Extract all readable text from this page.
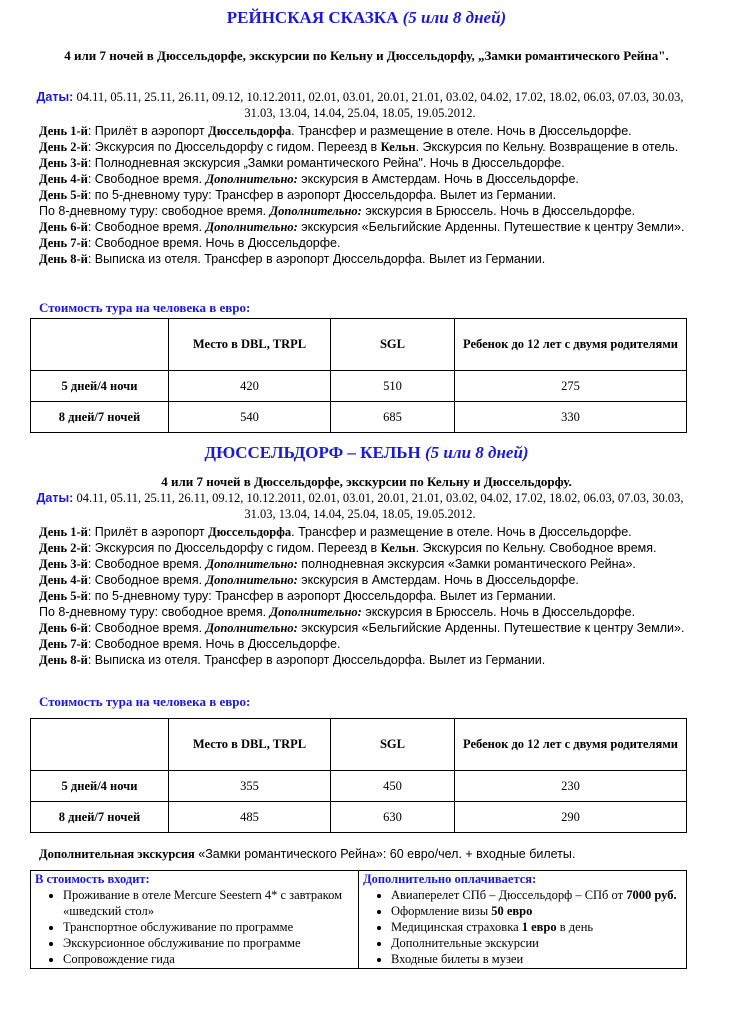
РЕЙНСКАЯ СКАЗКА (5 или 8 дней)
4 или 7 ночей в Дюссельдорфе, экскурсии по Кельну и Дюссельдорфу, „Замки романтического Рейна".
Даты: 04.11, 05.11, 25.11, 26.11, 09.12, 10.12.2011, 02.01, 03.01, 20.01, 21.01, 03.02, 04.02, 17.02, 18.02, 06.03, 07.03, 30.03, 31.03, 13.04, 14.04, 25.04, 18.05, 19.05.2012.
День 1-й: Прилёт в аэропорт Дюссельдорфа. Трансфер и размещение в отеле. Ночь в Дюссельдорфе.
День 2-й: Экскурсия по Дюссельдорфу с гидом. Переезд в Кельн. Экскурсия по Кельну. Возвращение в отель.
День 3-й: Полнодневная экскурсия „Замки романтического Рейна". Ночь в Дюссельдорфе.
День 4-й: Свободное время. Дополнительно: экскурсия в Амстердам. Ночь в Дюссельдорфе.
День 5-й: по 5-дневному туру: Трансфер в аэропорт Дюссельдорфа. Вылет из Германии.
По 8-дневному туру: свободное время. Дополнительно: экскурсия в Брюссель. Ночь в Дюссельдорфе.
День 6-й: Свободное время. Дополнительно: экскурсия «Бельгийские Арденны. Путешествие к центру Земли».
День 7-й: Свободное время. Ночь в Дюссельдорфе.
День 8-й: Выписка из отеля. Трансфер в аэропорт Дюссельдорфа. Вылет из Германии.
Стоимость тура на человека в евро:
	Место в DBL, TRPL	SGL	Ребенок до 12 лет с двумя родителями
5 дней/4 ночи	420	510	275
8 дней/7 ночей	540	685	330
ДЮССЕЛЬДОРФ – КЕЛЬН (5 или 8 дней)
4 или 7 ночей в Дюссельдорфе, экскурсии по Кельну и Дюссельдорфу.
Даты: 04.11, 05.11, 25.11, 26.11, 09.12, 10.12.2011, 02.01, 03.01, 20.01, 21.01, 03.02, 04.02, 17.02, 18.02, 06.03, 07.03, 30.03, 31.03, 13.04, 14.04, 25.04, 18.05, 19.05.2012.
День 1-й: Прилёт в аэропорт Дюссельдорфа. Трансфер и размещение в отеле. Ночь в Дюссельдорфе.
День 2-й: Экскурсия по Дюссельдорфу с гидом. Переезд в Кельн. Экскурсия по Кельну. Свободное время.
День 3-й: Свободное время. Дополнительно: полнодневная экскурсия «Замки романтического Рейна».
День 4-й: Свободное время. Дополнительно: экскурсия в Амстердам. Ночь в Дюссельдорфе.
День 5-й: по 5-дневному туру: Трансфер в аэропорт Дюссельдорфа. Вылет из Германии.
По 8-дневному туру: свободное время. Дополнительно: экскурсия в Брюссель. Ночь в Дюссельдорфе.
День 6-й: Свободное время. Дополнительно: экскурсия «Бельгийские Арденны. Путешествие к центру Земли».
День 7-й: Свободное время. Ночь в Дюссельдорфе.
День 8-й: Выписка из отеля. Трансфер в аэропорт Дюссельдорфа. Вылет из Германии.
Стоимость тура на человека в евро:
	Место в DBL, TRPL	SGL	Ребенок до 12 лет с двумя родителями
5 дней/4 ночи	355	450	230
8 дней/7 ночей	485	630	290
Дополнительная экскурсия «Замки романтического Рейна»: 60 евро/чел. + входные билеты.
В стоимость входит:
• Проживание в отеле Mercure Seestern 4* с завтраком «шведский стол»
• Транспортное обслуживание по программе
• Экскурсионное обслуживание по программе
• Сопровождение гида

Дополнительно оплачивается:
• Авиаперелет СПб – Дюссельдорф – СПб от 7000 руб.
• Оформление визы 50 евро
• Медицинская страховка 1 евро в день
• Дополнительные экскурсии
• Входные билеты в музеи
